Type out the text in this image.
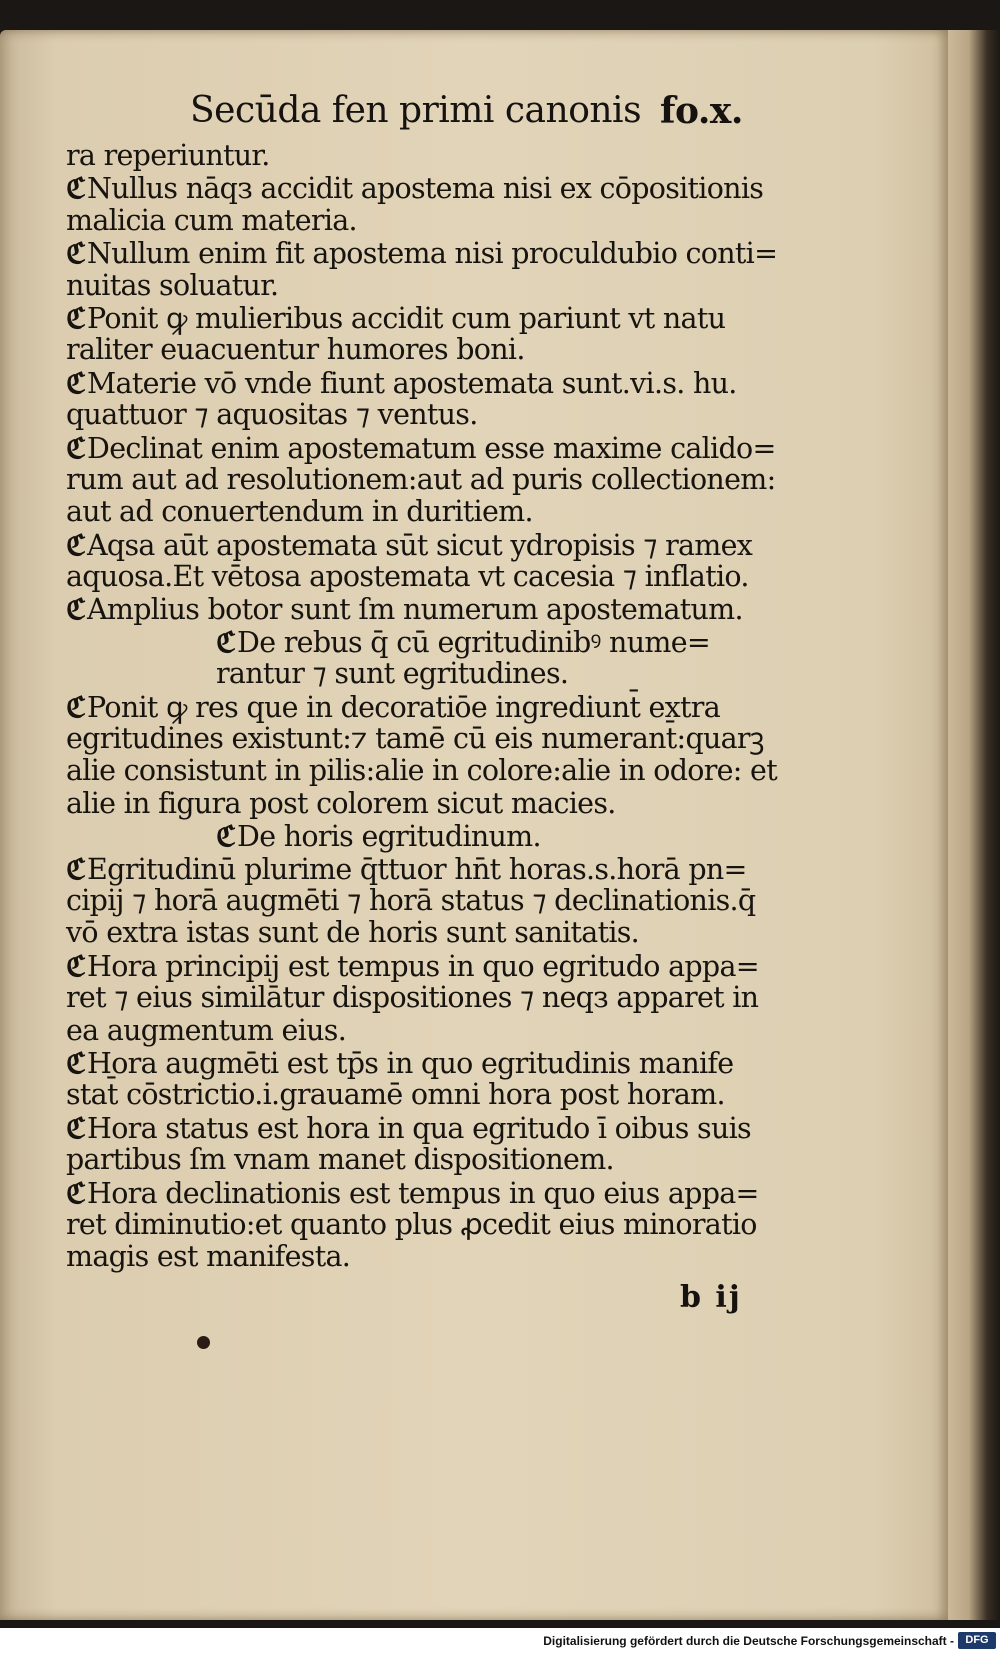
Secūda fen primi canonis fo.x.
ra reperiuntur.
ℭ Nullus nāqз accidit apostema nisi ex cōpositionis
malicia cum materia.
ℭ Nullum enim fit apostema nisi proculdubio conti=
nuitas soluatur.
ℭ Ponit ꝙ mulieribus accidit cum pariunt vt natu
raliter euacuentur humores boni.
ℭ Materie vō vnde fiunt apostemata sunt.vi.s. hu.
quattuor ⁊ aquositas ⁊ ventus.
ℭ Declinat enim apostematum esse maxime calido=
rum aut ad resolutionem:aut ad puris collectionem:
aut ad conuertendum in duritiem.
ℭ Aqsa aūt apostemata sūt sicut ydropisis ⁊ ramex
aquosa.Et vētosa apostemata vt cacesia ⁊ inflatio.
ℭ Amplius botor sunt ſm numerum apostematum.
ℭ De rebus q̄ cū egritudinibꝰ nume=
rantur ⁊ sunt egritudines.
ℭ Ponit ꝙ res que in decoratiōe ingrediunt̄ extra
egritudines existunt:⁊ tamē cū eis numerant̄:quarꝫ
alie consistunt in pilis:alie in colore:alie in odore: et
alie in figura post colorem sicut macies.
ℭ De horis egritudinum.
ℭ Egritudinū plurime q̄ttuor hn̄t horas.s.horā pn=
cipij ⁊ horā augmēti ⁊ horā status ⁊ declinationis.q̄
vō extra istas sunt de horis sunt sanitatis.
ℭ Hora principij est tempus in quo egritudo appa=
ret ⁊ eius similātur dispositiones ⁊ neqз apparet in
ea augmentum eius.
ℭ Hora augmēti est tp̄s in quo egritudinis manife
stat̄ cōstrictio.i.grauamē omni hora post horam.
ℭ Hora status est hora in qua egritudo ī oibus suis
partibus ſm vnam manet dispositionem.
ℭ Hora declinationis est tempus in quo eius appa=
ret diminutio:et quanto plus ꝓcedit eius minoratio
magis est manifesta.
b ij
Digitalisierung gefördert durch die Deutsche Forschungsgemeinschaft -	DFG
